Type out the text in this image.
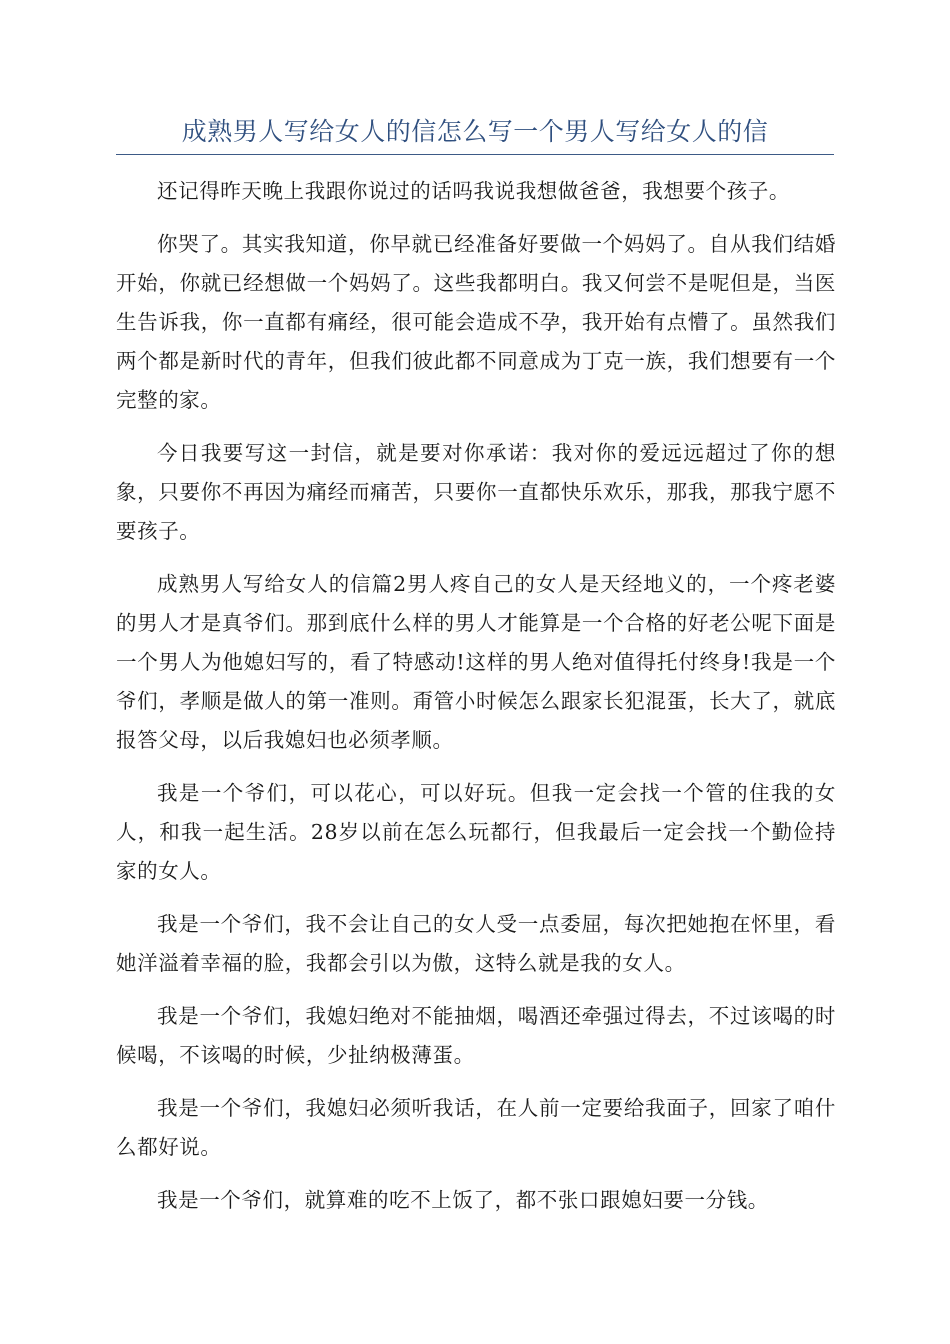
成熟男人写给女人的信怎么写一个男人写给女人的信

还记得昨天晚上我跟你说过的话吗我说我想做爸爸，我想要个孩子。

你哭了。其实我知道，你早就已经准备好要做一个妈妈了。自从我们结婚开始，你就已经想做一个妈妈了。这些我都明白。我又何尝不是呢但是，当医生告诉我，你一直都有痛经，很可能会造成不孕，我开始有点懵了。虽然我们两个都是新时代的青年，但我们彼此都不同意成为丁克一族，我们想要有一个完整的家。

今日我要写这一封信，就是要对你承诺：我对你的爱远远超过了你的想象，只要你不再因为痛经而痛苦，只要你一直都快乐欢乐，那我，那我宁愿不要孩子。

成熟男人写给女人的信篇2男人疼自己的女人是天经地义的，一个疼老婆的男人才是真爷们。那到底什么样的男人才能算是一个合格的好老公呢下面是一个男人为他媳妇写的，看了特感动!这样的男人绝对值得托付终身!我是一个爷们，孝顺是做人的第一准则。甭管小时候怎么跟家长犯混蛋，长大了，就底报答父母，以后我媳妇也必须孝顺。

我是一个爷们，可以花心，可以好玩。但我一定会找一个管的住我的女人，和我一起生活。28岁以前在怎么玩都行，但我最后一定会找一个勤俭持家的女人。

我是一个爷们，我不会让自己的女人受一点委屈，每次把她抱在怀里，看她洋溢着幸福的脸，我都会引以为傲，这特么就是我的女人。

我是一个爷们，我媳妇绝对不能抽烟，喝酒还牵强过得去，不过该喝的时候喝，不该喝的时候，少扯纳极薄蛋。

我是一个爷们，我媳妇必须听我话，在人前一定要给我面子，回家了咱什么都好说。

我是一个爷们，就算难的吃不上饭了，都不张口跟媳妇要一分钱。
